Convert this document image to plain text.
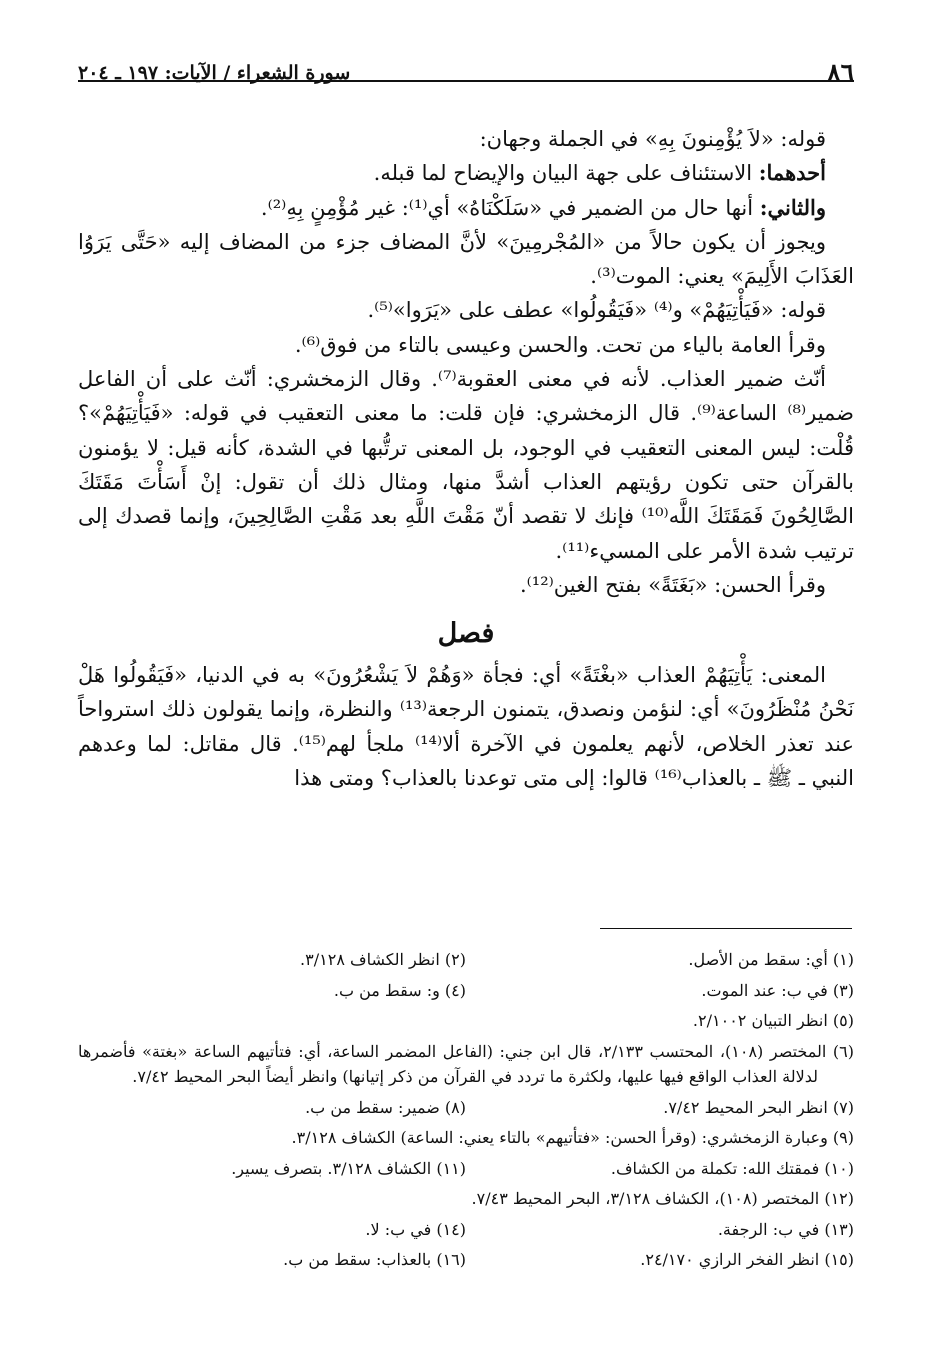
٨٦
سورة الشعراء / الآيات: ١٩٧ ـ ٢٠٤

قوله: «لاَ يُؤْمِنونَ بِهِ» في الجملة وجهان:

أحدهما: الاستئناف على جهة البيان والإيضاح لما قبله.

والثاني: أنها حال من الضمير في «سَلَكْنَاهُ» أي⁽¹⁾: غير مُؤْمِنٍ بِهِ⁽²⁾.

ويجوز أن يكون حالاً من «المُجْرمِينَ» لأنَّ المضاف جزء من المضاف إليه «حَتَّى يَرَوُا العَذَابَ الأَلِيمَ» يعني: الموت⁽³⁾.

قوله: «فَيَأْتِيَهُمْ» و⁽⁴⁾ «فَيَقُولُوا» عطف على «يَرَوا»⁽⁵⁾.

وقرأ العامة بالياء من تحت. والحسن وعيسى بالتاء من فوق⁽⁶⁾.

أنّث ضمير العذاب. لأنه في معنى العقوبة⁽⁷⁾. وقال الزمخشري: أنّث على أن الفاعل ضمير⁽⁸⁾ الساعة⁽⁹⁾. قال الزمخشري: فإن قلت: ما معنى التعقيب في قوله: «فَيَأْتِيَهُمْ»؟ قُلْت: ليس المعنى التعقيب في الوجود، بل المعنى ترتُّبها في الشدة، كأنه قيل: لا يؤمنون بالقرآن حتى تكون رؤيتهم العذاب أشدَّ منها، ومثال ذلك أن تقول: إنْ أَسَأْتَ مَقَتَكَ الصَّالِحُونَ فَمَقَتَكَ اللَّه⁽¹⁰⁾ فإنك لا تقصد أنّ مَقْتَ اللَّهِ بعد مَقْتِ الصَّالِحِينَ، وإنما قصدك إلى ترتيب شدة الأمر على المسيء⁽¹¹⁾.

وقرأ الحسن: «بَغَتَةً» بفتح الغين⁽¹²⁾.

فصل

المعنى: يَأْتِيَهُمْ العذاب «بغْتَةً» أي: فجأة «وَهُمْ لاَ يَشْعُرُونَ» به في الدنيا، «فَيَقُولُوا هَلْ نَحْنُ مُنْظَرُونَ» أي: لنؤمن ونصدق، يتمنون الرجعة⁽¹³⁾ والنظرة، وإنما يقولون ذلك استرواحاً عند تعذر الخلاص، لأنهم يعلمون في الآخرة ألا⁽¹⁴⁾ ملجأ لهم⁽¹⁵⁾. قال مقاتل: لما وعدهم النبي ـ ﷺ ـ بالعذاب⁽¹⁶⁾ قالوا: إلى متى توعدنا بالعذاب؟ ومتى هذا

(١) أي: سقط من الأصل.
(٢) انظر الكشاف ٣/١٢٨.
(٣) في ب: عند الموت.
(٤) و: سقط من ب.
(٥) انظر التبيان ٢/١٠٠٢.
(٦) المختصر (١٠٨)، المحتسب ٢/١٣٣، قال ابن جني: (الفاعل المضمر الساعة، أي: فتأتيهم الساعة «بغتة» فأضمرها لدلالة العذاب الواقع فيها عليها، ولكثرة ما تردد في القرآن من ذكر إتيانها) وانظر أيضاً البحر المحيط ٧/٤٢.
(٧) انظر البحر المحيط ٧/٤٢.
(٨) ضمير: سقط من ب.
(٩) وعبارة الزمخشري: (وقرأ الحسن: «فتأتيهم» بالتاء يعني: الساعة) الكشاف ٣/١٢٨.
(١٠) فمقتك الله: تكملة من الكشاف.
(١١) الكشاف ٣/١٢٨. بتصرف يسير.
(١٢) المختصر (١٠٨)، الكشاف ٣/١٢٨، البحر المحيط ٧/٤٣.
(١٣) في ب: الرجفة.
(١٤) في ب: لا.
(١٥) انظر الفخر الرازي ٢٤/١٧٠.
(١٦) بالعذاب: سقط من ب.
